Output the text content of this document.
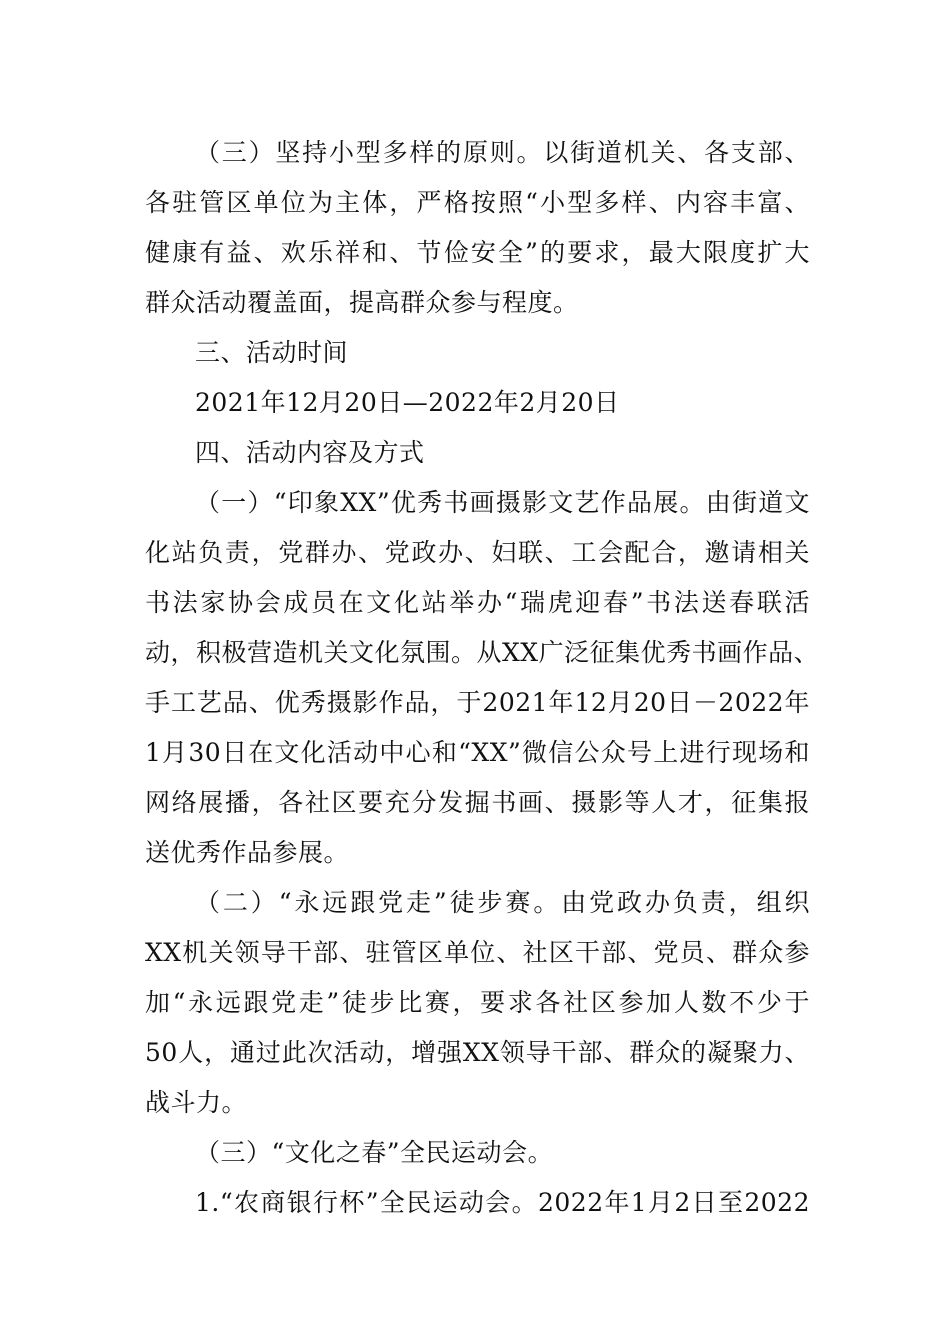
（三）坚持小型多样的原则。以街道机关、各支部、
各驻管区单位为主体，严格按照“小型多样、内容丰富、
健康有益、欢乐祥和、节俭安全”的要求，最大限度扩大
群众活动覆盖面，提高群众参与程度。
三、活动时间
2021年12月20日—2022年2月20日
四、活动内容及方式
（一）“印象XX”优秀书画摄影文艺作品展。由街道文
化站负责，党群办、党政办、妇联、工会配合，邀请相关
书法家协会成员在文化站举办“瑞虎迎春”书法送春联活
动，积极营造机关文化氛围。从XX广泛征集优秀书画作品、
手工艺品、优秀摄影作品，于2021年12月20日－2022年
1月30日在文化活动中心和“XX”微信公众号上进行现场和
网络展播，各社区要充分发掘书画、摄影等人才，征集报
送优秀作品参展。
（二）“永远跟党走”徒步赛。由党政办负责，组织
XX机关领导干部、驻管区单位、社区干部、党员、群众参
加“永远跟党走”徒步比赛，要求各社区参加人数不少于
50人，通过此次活动，增强XX领导干部、群众的凝聚力、
战斗力。
（三）“文化之春”全民运动会。
1.“农商银行杯”全民运动会。2022年1月2日至2022
